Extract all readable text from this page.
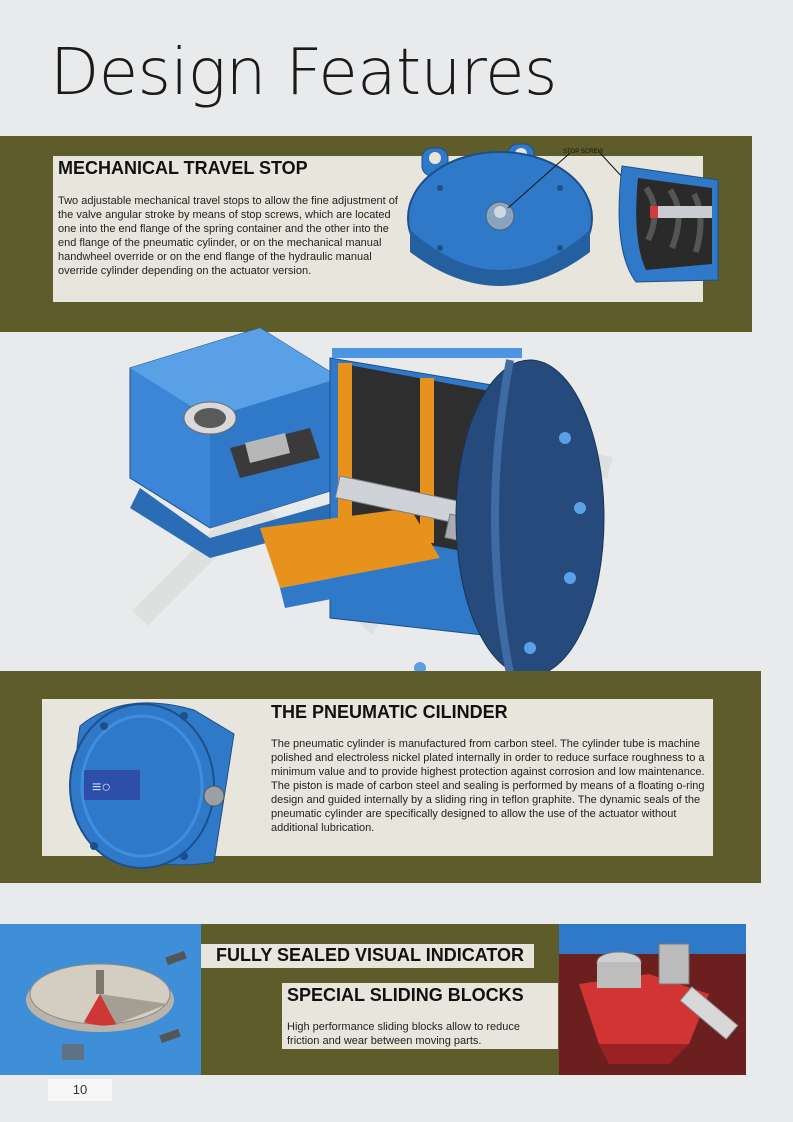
Design Features
MECHANICAL TRAVEL STOP
Two adjustable mechanical travel stops to allow the fine adjustment of the valve angular stroke by means of stop screws, which are located one into the end flange of the spring container and the other into the end flange of the pneumatic cylinder, or on the mechanical manual handwheel override or on the end flange of the hydraulic manual override cylinder depending on the actuator version.
STOP SCREW
THE PNEUMATIC CILINDER
The pneumatic cylinder is manufactured from carbon steel. The cylinder tube is machine polished and electroless nickel plated internally in order to reduce surface roughness to a minimum value and to provide highest protection against corrosion and low maintenance. The piston is made of carbon steel and sealing is performed by means of a floating o-ring design and guided internally by a sliding ring in teflon graphite. The dynamic seals of the pneumatic cylinder are specifically designed to allow the use of the actuator without additional lubrication.
≡○
FULLY SEALED VISUAL INDICATOR
SPECIAL SLIDING BLOCKS
High performance sliding blocks allow to reduce friction and wear between moving parts.
10
